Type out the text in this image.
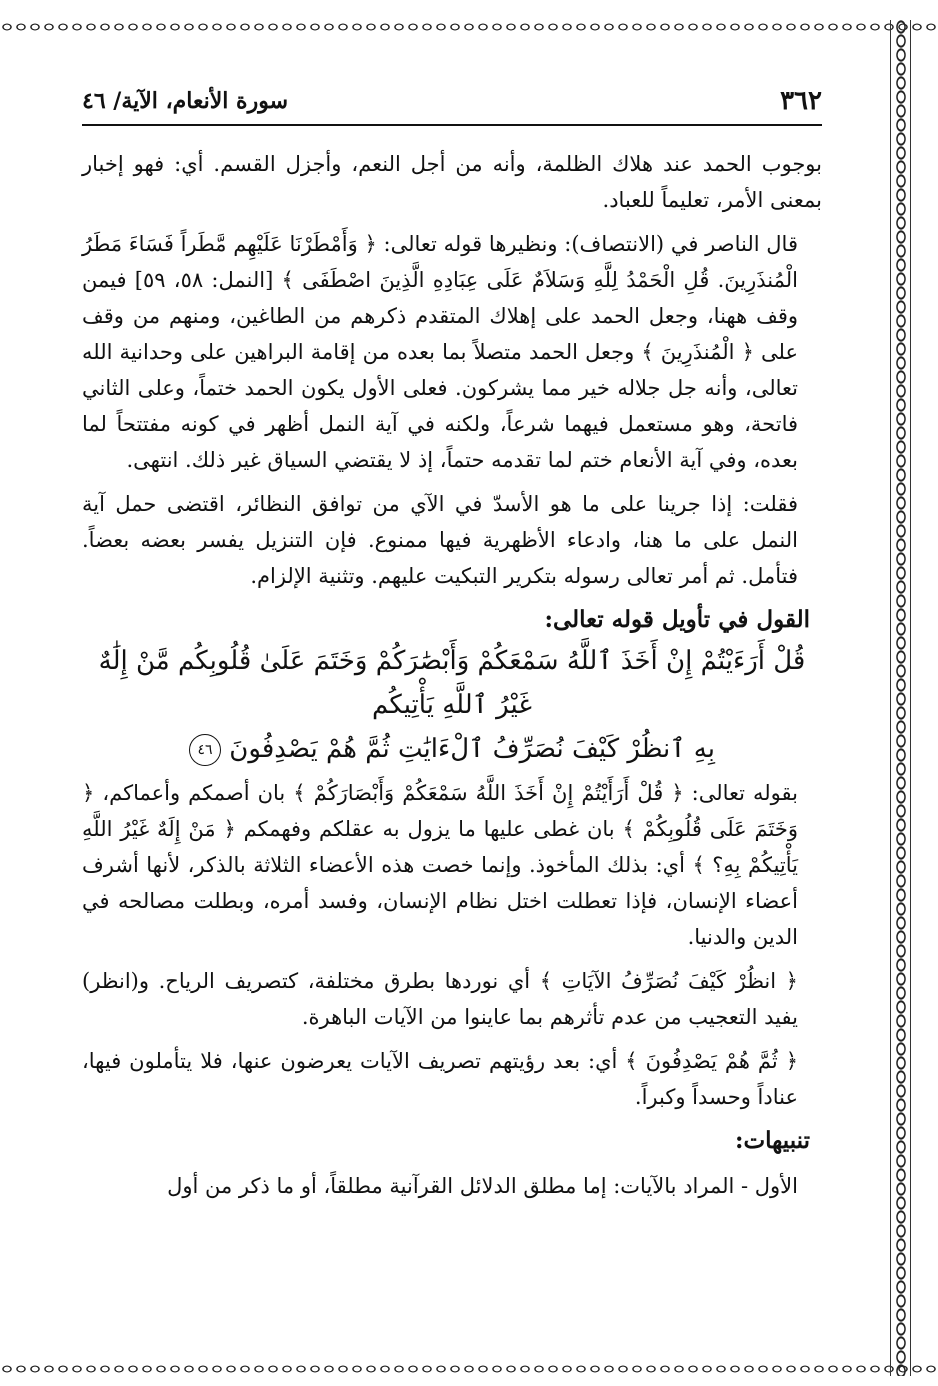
٣٦٢
سورة الأنعام، الآية/ ٤٦

بوجوب الحمد عند هلاك الظلمة، وأنه من أجل النعم، وأجزل القسم. أي: فهو إخبار بمعنى الأمر، تعليماً للعباد.

قال الناصر في (الانتصاف): ونظيرها قوله تعالى: ﴿ وَأَمْطَرْنَا عَلَيْهِم مَّطَراً فَسَاءَ مَطَرُ الْمُنذَرِينَ. قُلِ الْحَمْدُ لِلَّهِ وَسَلاَمٌ عَلَى عِبَادِهِ الَّذِينَ اصْطَفَى ﴾ [النمل: ٥٨، ٥٩] فيمن وقف ههنا، وجعل الحمد على إهلاك المتقدم ذكرهم من الطاغين، ومنهم من وقف على ﴿ الْمُنذَرِينَ ﴾ وجعل الحمد متصلاً بما بعده من إقامة البراهين على وحدانية الله تعالى، وأنه جل جلاله خير مما يشركون. فعلى الأول يكون الحمد ختماً، وعلى الثاني فاتحة، وهو مستعمل فيهما شرعاً، ولكنه في آية النمل أظهر في كونه مفتتحاً لما بعده، وفي آية الأنعام ختم لما تقدمه حتماً، إذ لا يقتضي السياق غير ذلك. انتهى.

فقلت: إذا جرينا على ما هو الأسدّ في الآي من توافق النظائر، اقتضى حمل آية النمل على ما هنا، وادعاء الأظهرية فيها ممنوع. فإن التنزيل يفسر بعضه بعضاً. فتأمل. ثم أمر تعالى رسوله بتكرير التبكيت عليهم. وتثنية الإلزام.

القول في تأويل قوله تعالى:
قُلْ أَرَءَيْتُمْ إِنْ أَخَذَ ٱللَّهُ سَمْعَكُمْ وَأَبْصَٰرَكُمْ وَخَتَمَ عَلَىٰ قُلُوبِكُم مَّنْ إِلَٰهٌ غَيْرُ ٱللَّهِ يَأْتِيكُم
بِهِ ٱنظُرْ كَيْفَ نُصَرِّفُ ٱلْءَايَٰتِ ثُمَّ هُمْ يَصْدِفُونَ ٤٦

بقوله تعالى: ﴿ قُلْ أَرَأَيْتُمْ إِنْ أَخَذَ اللَّهُ سَمْعَكُمْ وَأَبْصَارَكُمْ ﴾ بان أصمكم وأعماكم، ﴿ وَخَتَمَ عَلَى قُلُوبِكُمْ ﴾ بان غطى عليها ما يزول به عقلكم وفهمكم ﴿ مَنْ إِلَهٌ غَيْرُ اللَّهِ يَأْتِيكُمْ بِهِ؟ ﴾ أي: بذلك المأخوذ. وإنما خصت هذه الأعضاء الثلاثة بالذكر، لأنها أشرف أعضاء الإنسان، فإذا تعطلت اختل نظام الإنسان، وفسد أمره، وبطلت مصالحه في الدين والدنيا.

﴿ انظُرْ كَيْفَ نُصَرِّفُ الآيَاتِ ﴾ أي نوردها بطرق مختلفة، كتصريف الرياح. و(انظر) يفيد التعجيب من عدم تأثرهم بما عاينوا من الآيات الباهرة.

﴿ ثُمَّ هُمْ يَصْدِفُونَ ﴾ أي: بعد رؤيتهم تصريف الآيات يعرضون عنها، فلا يتأملون فيها، عناداً وحسداً وكبراً.

تنبيهات:

الأول - المراد بالآيات: إما مطلق الدلائل القرآنية مطلقاً، أو ما ذكر من أول
